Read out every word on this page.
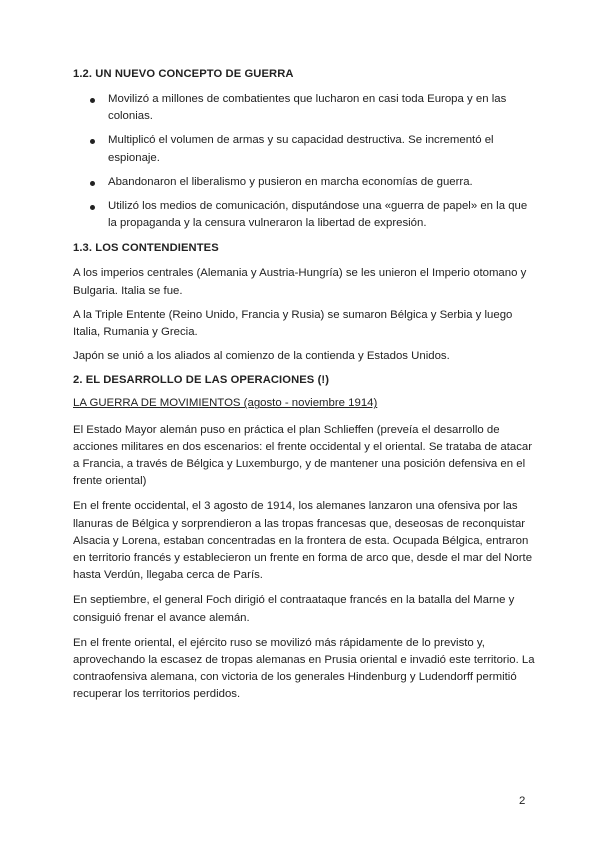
1.2. UN NUEVO CONCEPTO DE GUERRA
Movilizó a millones de combatientes que lucharon en casi toda Europa y en las colonias.
Multiplicó el volumen de armas y su capacidad destructiva. Se incrementó el espionaje.
Abandonaron el liberalismo y pusieron en marcha economías de guerra.
Utilizó los medios de comunicación, disputándose una «guerra de papel» en la que la propaganda y la censura vulneraron la libertad de expresión.
1.3. LOS CONTENDIENTES

A los imperios centrales (Alemania y Austria-Hungría) se les unieron el Imperio otomano y Bulgaria. Italia se fue.

A la Triple Entente (Reino Unido, Francia y Rusia) se sumaron Bélgica y Serbia y luego Italia, Rumania y Grecia.

Japón se unió a los aliados al comienzo de la contienda y Estados Unidos.

2. EL DESARROLLO DE LAS OPERACIONES (!)

LA GUERRA DE MOVIMIENTOS (agosto - noviembre 1914)

El Estado Mayor alemán puso en práctica el plan Schlieffen (preveía el desarrollo de acciones militares en dos escenarios: el frente occidental y el oriental. Se trataba de atacar a Francia, a través de Bélgica y Luxemburgo, y de mantener una posición defensiva en el frente oriental)

En el frente occidental, el 3 agosto de 1914, los alemanes lanzaron una ofensiva por las llanuras de Bélgica y sorprendieron a las tropas francesas que, deseosas de reconquistar Alsacia y Lorena, estaban concentradas en la frontera de esta. Ocupada Bélgica, entraron en territorio francés y establecieron un frente en forma de arco que, desde el mar del Norte hasta Verdún, llegaba cerca de París.

En septiembre, el general Foch dirigió el contraataque francés en la batalla del Marne y consiguió frenar el avance alemán.

En el frente oriental, el ejército ruso se movilizó más rápidamente de lo previsto y, aprovechando la escasez de tropas alemanas en Prusia oriental e invadió este territorio. La contraofensiva alemana, con victoria de los generales Hindenburg y Ludendorff permitió recuperar los territorios perdidos.

2
